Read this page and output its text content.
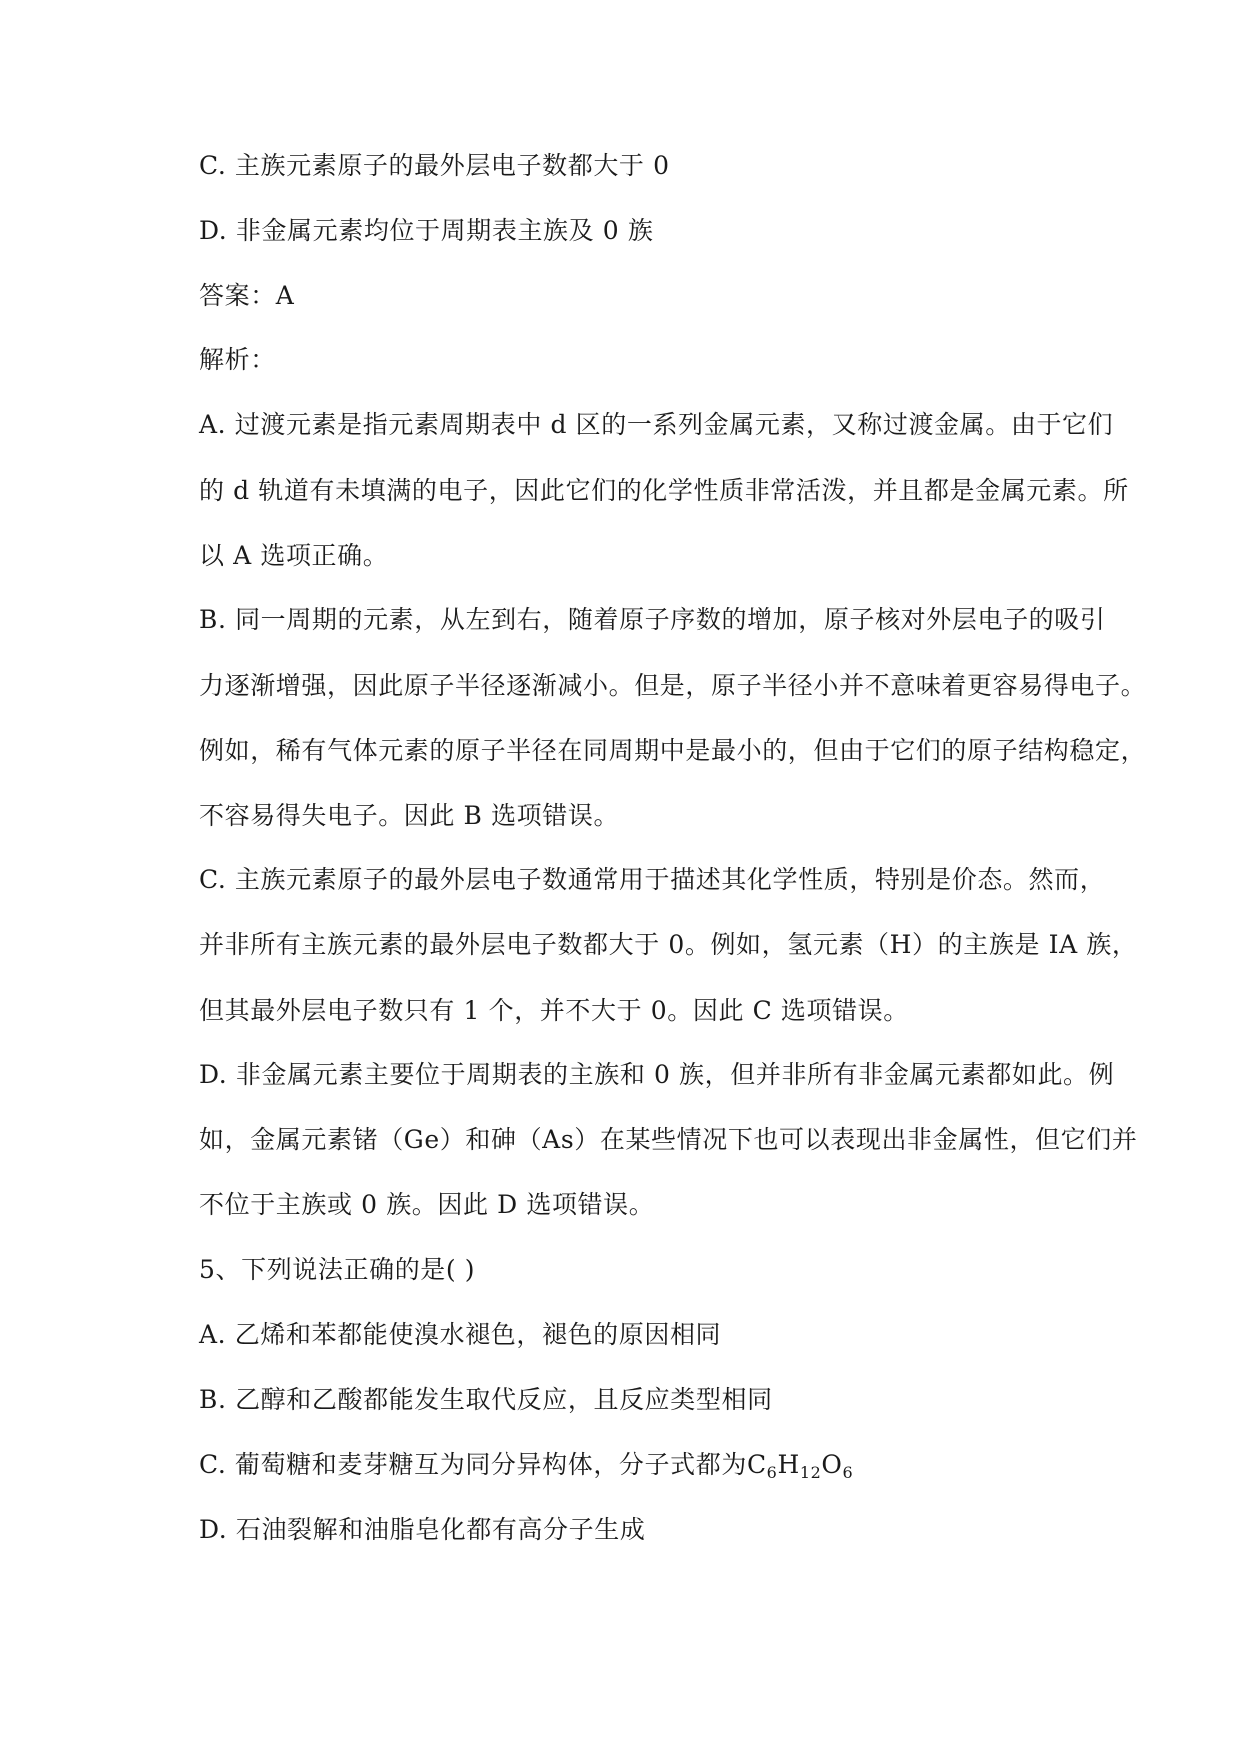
C. 主族元素原子的最外层电子数都大于 0
D. 非金属元素均位于周期表主族及 0 族
答案：A
解析：
A. 过渡元素是指元素周期表中 d 区的一系列金属元素，又称过渡金属。由于它们
的 d 轨道有未填满的电子，因此它们的化学性质非常活泼，并且都是金属元素。所
以 A 选项正确。
B. 同一周期的元素，从左到右，随着原子序数的增加，原子核对外层电子的吸引
力逐渐增强，因此原子半径逐渐减小。但是，原子半径小并不意味着更容易得电子。
例如，稀有气体元素的原子半径在同周期中是最小的，但由于它们的原子结构稳定，
不容易得失电子。因此 B 选项错误。
C. 主族元素原子的最外层电子数通常用于描述其化学性质，特别是价态。然而，
并非所有主族元素的最外层电子数都大于 0。例如，氢元素（H）的主族是 IA 族，
但其最外层电子数只有 1 个，并不大于 0。因此 C 选项错误。
D. 非金属元素主要位于周期表的主族和 0 族，但并非所有非金属元素都如此。例
如，金属元素锗（Ge）和砷（As）在某些情况下也可以表现出非金属性，但它们并
不位于主族或 0 族。因此 D 选项错误。
5、下列说法正确的是( )
A. 乙烯和苯都能使溴水褪色，褪色的原因相同
B. 乙醇和乙酸都能发生取代反应，且反应类型相同
C. 葡萄糖和麦芽糖互为同分异构体，分子式都为$C_6H_{12}O_6$
D. 石油裂解和油脂皂化都有高分子生成
